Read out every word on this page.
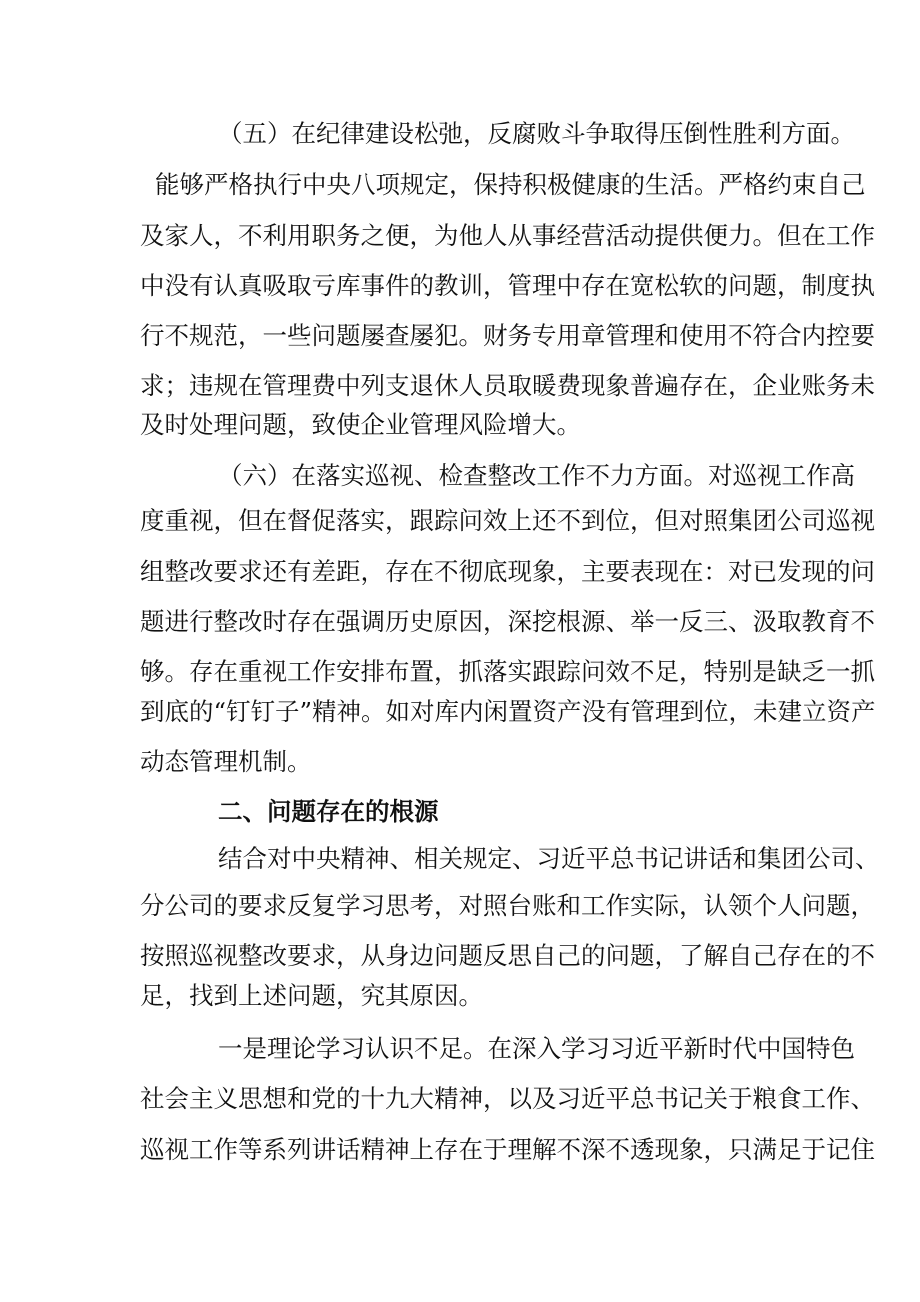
（五）在纪律建设松弛，反腐败斗争取得压倒性胜利方面。

能够严格执行中央八项规定，保持积极健康的生活。严格约束自己

及家人，不利用职务之便，为他人从事经营活动提供便力。但在工作

中没有认真吸取亏库事件的教训，管理中存在宽松软的问题，制度执

行不规范，一些问题屡查屡犯。财务专用章管理和使用不符合内控要

求；违规在管理费中列支退休人员取暖费现象普遍存在，企业账务未

及时处理问题，致使企业管理风险增大。

（六）在落实巡视、检查整改工作不力方面。对巡视工作高

度重视，但在督促落实，跟踪问效上还不到位，但对照集团公司巡视

组整改要求还有差距，存在不彻底现象，主要表现在：对已发现的问

题进行整改时存在强调历史原因，深挖根源、举一反三、汲取教育不

够。存在重视工作安排布置，抓落实跟踪问效不足，特别是缺乏一抓

到底的“钉钉子”精神。如对库内闲置资产没有管理到位，未建立资产

动态管理机制。

二、问题存在的根源

结合对中央精神、相关规定、习近平总书记讲话和集团公司、

分公司的要求反复学习思考，对照台账和工作实际，认领个人问题，

按照巡视整改要求，从身边问题反思自己的问题，了解自己存在的不

足，找到上述问题，究其原因。

一是理论学习认识不足。在深入学习习近平新时代中国特色

社会主义思想和党的十九大精神，以及习近平总书记关于粮食工作、

巡视工作等系列讲话精神上存在于理解不深不透现象，只满足于记住
